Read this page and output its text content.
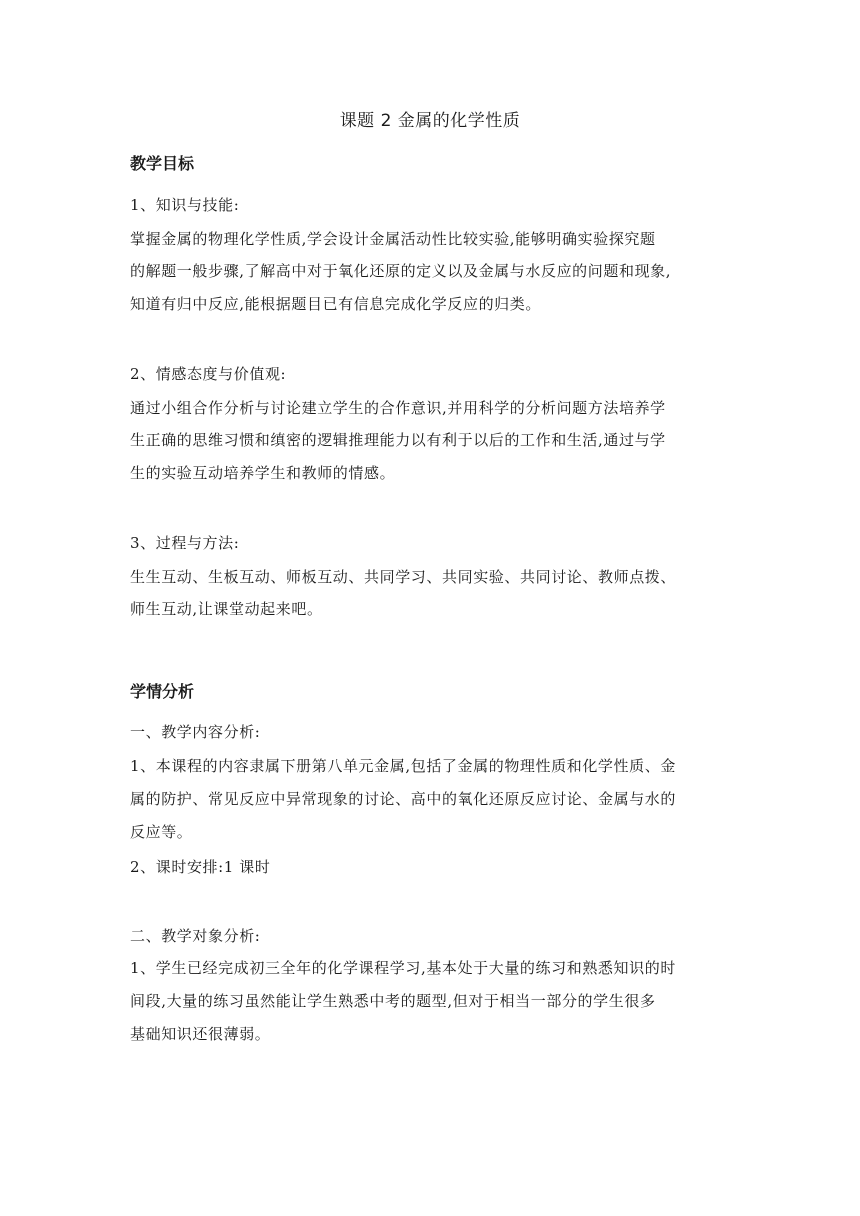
课题 2 金属的化学性质
教学目标
1、知识与技能:
掌握金属的物理化学性质,学会设计金属活动性比较实验,能够明确实验探究题
的解题一般步骤,了解高中对于氧化还原的定义以及金属与水反应的问题和现象,
知道有归中反应,能根据题目已有信息完成化学反应的归类。
2、情感态度与价值观:
通过小组合作分析与讨论建立学生的合作意识,并用科学的分析问题方法培养学
生正确的思维习惯和缜密的逻辑推理能力以有利于以后的工作和生活,通过与学
生的实验互动培养学生和教师的情感。
3、过程与方法:
生生互动、生板互动、师板互动、共同学习、共同实验、共同讨论、教师点拨、
师生互动,让课堂动起来吧。
学情分析
一、教学内容分析:
1、本课程的内容隶属下册第八单元金属,包括了金属的物理性质和化学性质、金
属的防护、常见反应中异常现象的讨论、高中的氧化还原反应讨论、金属与水的
反应等。
2、课时安排:1 课时
二、教学对象分析:
1、学生已经完成初三全年的化学课程学习,基本处于大量的练习和熟悉知识的时
间段,大量的练习虽然能让学生熟悉中考的题型,但对于相当一部分的学生很多
基础知识还很薄弱。
